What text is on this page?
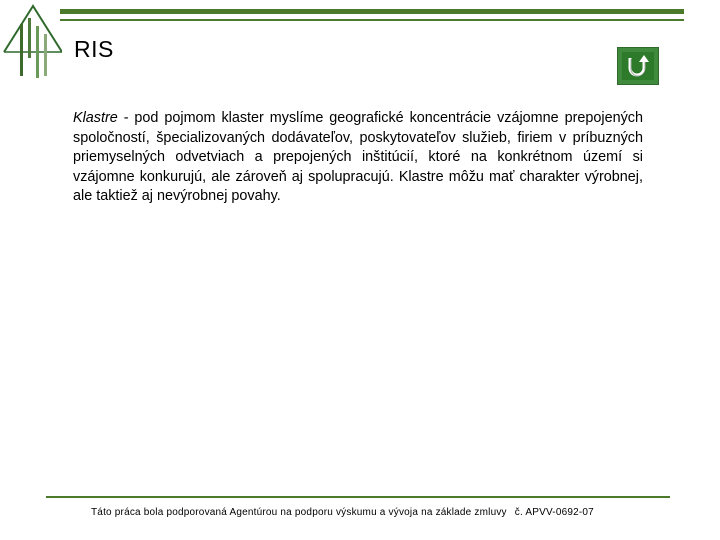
RIS
Klastre - pod pojmom klaster myslíme geografické koncentrácie vzájomne prepojených spoločností, špecializovaných dodávateľov, poskytovateľov služieb, firiem v príbuzných priemyselných odvetviach a prepojených inštitúcií, ktoré na konkrétnom území si vzájomne konkurujú, ale zároveň aj spolupracujú. Klastre môžu mať charakter výrobnej, ale taktiež aj nevýrobnej povahy.
Táto práca bola podporovaná Agentúrou na podporu výskumu a vývoja na základe zmluvy č. APVV-0692-07
